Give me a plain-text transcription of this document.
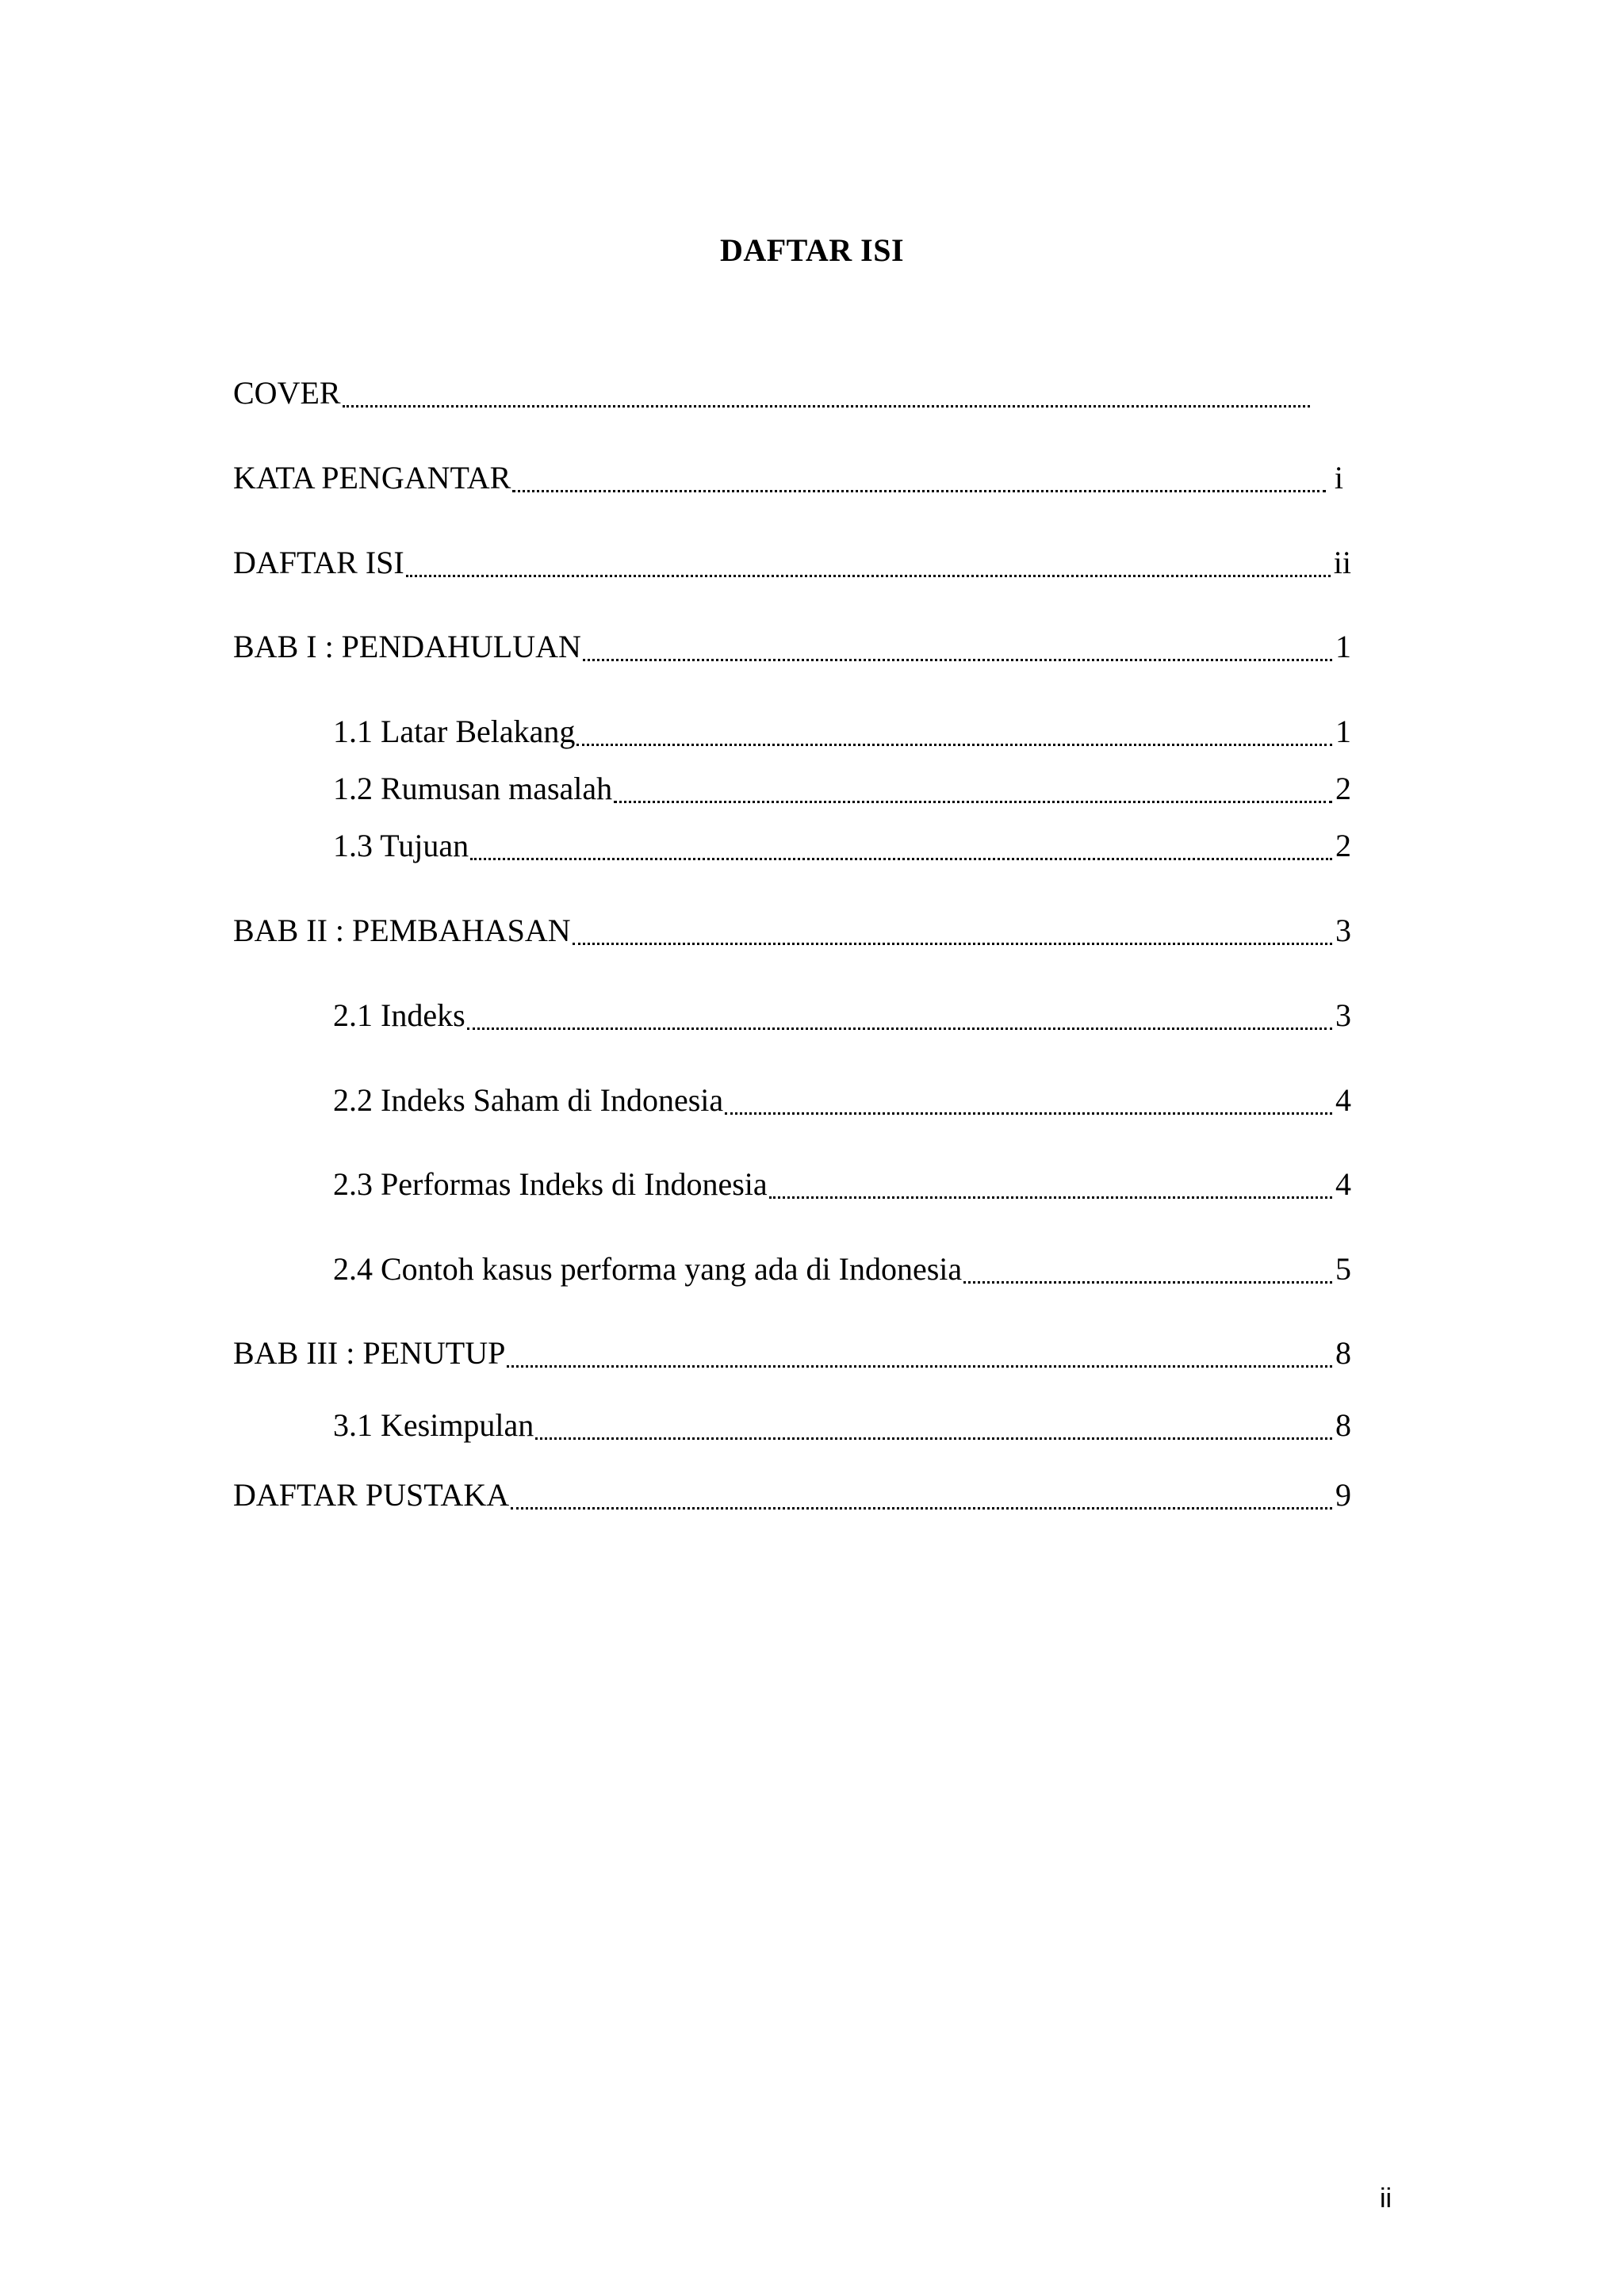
DAFTAR ISI
COVER
KATA PENGANTAR	i
DAFTAR ISI	ii
BAB I : PENDAHULUAN	1
1.1 Latar Belakang	1
1.2 Rumusan masalah	2
1.3 Tujuan	2
BAB II : PEMBAHASAN	3
2.1 Indeks	3
2.2 Indeks Saham di Indonesia	4
2.3 Performas Indeks di Indonesia	4
2.4 Contoh kasus performa yang ada di Indonesia	5
BAB III : PENUTUP	8
3.1 Kesimpulan	8
DAFTAR PUSTAKA	9
ii
